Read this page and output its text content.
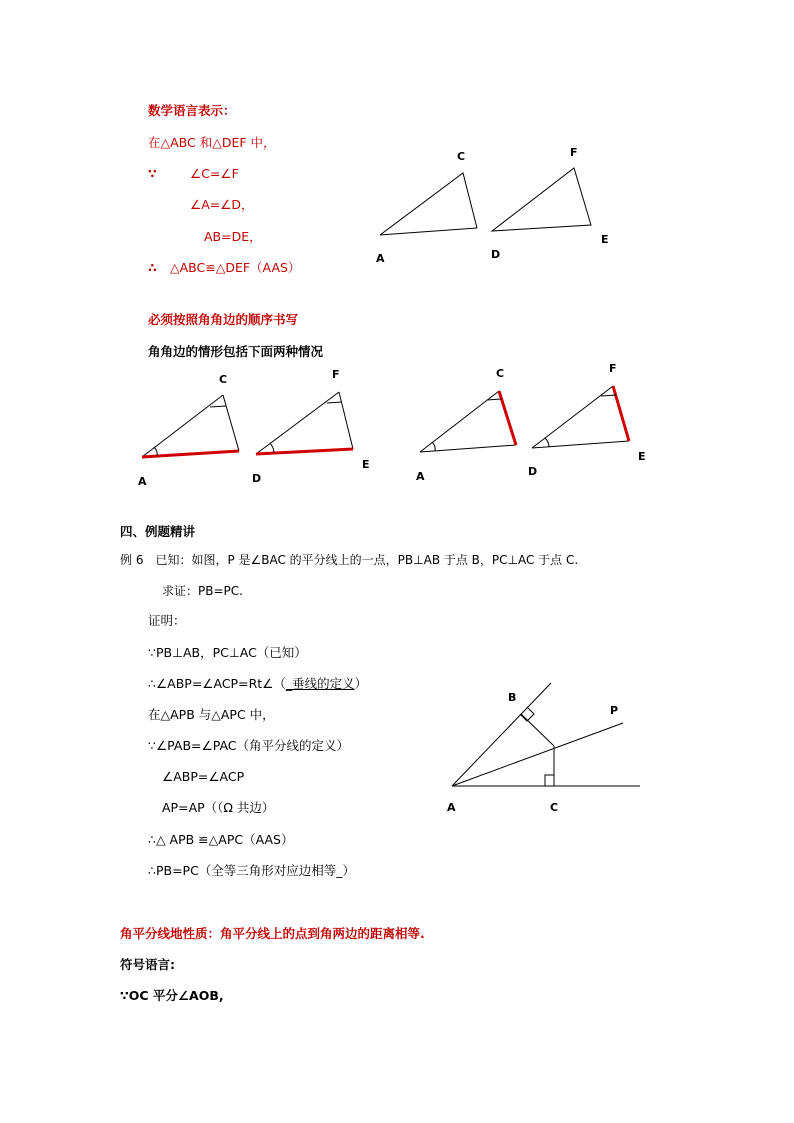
数学语言表示：
在△ABC 和△DEF 中，
∵	∠C=∠F
∠A=∠D，
AB=DE，
∴ △ABC≌△DEF（AAS）
A
C
D
F
E
必须按照角角边的顺序书写
角角边的情形包括下面两种情况
A
C
D
F
E
A
C
D
F
E
四、例题精讲
例 6　已知：如图，P 是∠BAC 的平分线上的一点，PB⊥AB 于点 B，PC⊥AC 于点 C.
求证：PB=PC.
证明：
∵PB⊥AB，PC⊥AC（已知）
∴∠ABP=∠ACP=Rt∠（_垂线的定义）
在△APB 与△APC 中，
∵∠PAB=∠PAC（角平分线的定义）
∠ABP=∠ACP
AP=AP（（Ω 共边）
∴△ APB ≌△APC（AAS）
∴PB=PC（全等三角形对应边相等_）
A
B
C
P
角平分线地性质：角平分线上的点到角两边的距离相等.
符号语言:
∵OC 平分∠AOB,
